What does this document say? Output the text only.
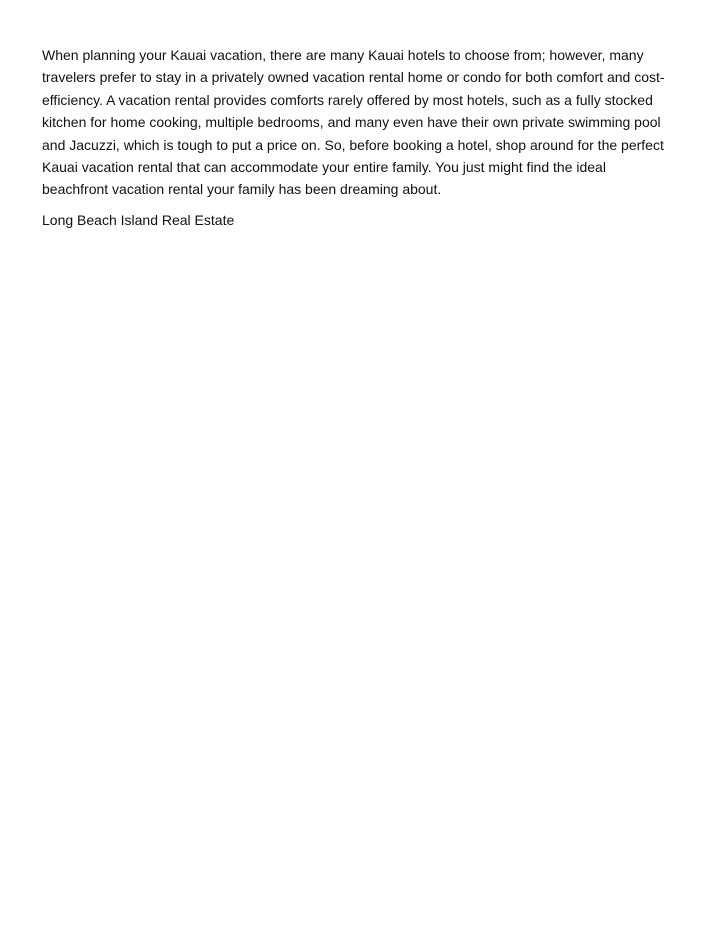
When planning your Kauai vacation, there are many Kauai hotels to choose from; however, many
travelers prefer to stay in a privately owned vacation rental home or condo for both comfort and cost-
efficiency. A vacation rental provides comforts rarely offered by most hotels, such as a fully stocked
kitchen for home cooking, multiple bedrooms, and many even have their own private swimming pool
and Jacuzzi, which is tough to put a price on. So, before booking a hotel, shop around for the perfect
Kauai vacation rental that can accommodate your entire family. You just might find the ideal
beachfront vacation rental your family has been dreaming about.
Long Beach Island Real Estate
